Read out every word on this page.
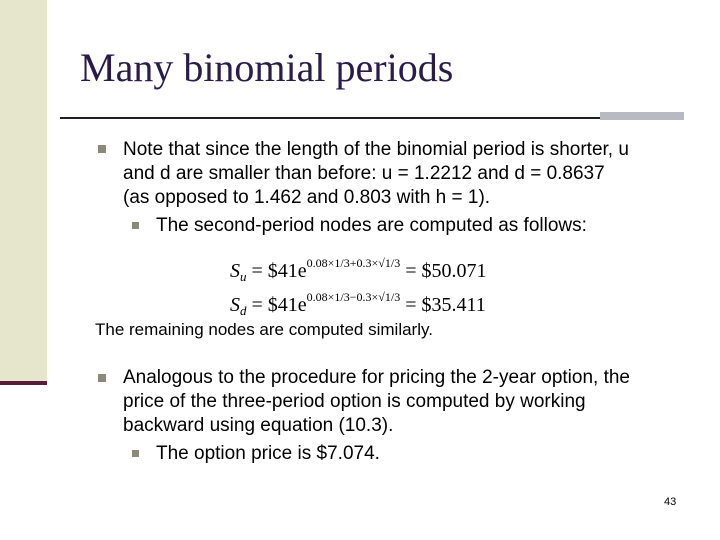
Many binomial periods
Note that since the length of the binomial period is shorter, u
and d are smaller than before: u = 1.2212 and d = 0.8637
(as opposed to 1.462 and 0.803 with h = 1).
The second-period nodes are computed as follows:
$S_u$ = $\$41e^{0.08\times 1/3+0.3\times√1/3}$ = $50.071
$S_d$ = $\$41e^{0.08\times 1/3-0.3\times√1/3}$ = $35.411
The remaining nodes are computed similarly.
Analogous to the procedure for pricing the 2-year option, the
price of the three-period option is computed by working
backward using equation (10.3).
The option price is $7.074.
43
